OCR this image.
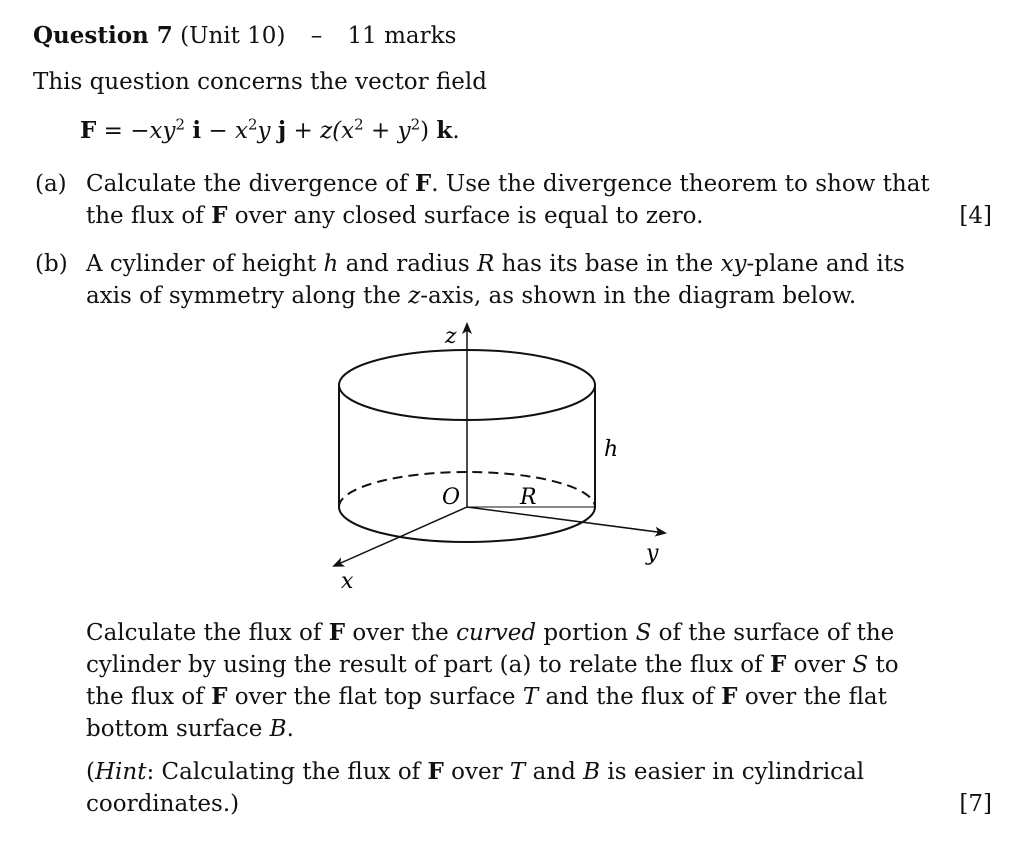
Question 7 (Unit 10) – 11 marks
This question concerns the vector field
$F = -xy^2$ $i - x^2y$ $j + z(x^2 + y^2)$ k.
(a) Calculate the divergence of F. Use the divergence theorem to show that
the flux of F over any closed surface is equal to zero.	[4]
(b) A cylinder of height h and radius R has its base in the xy-plane and its
axis of symmetry along the z-axis, as shown in the diagram below.
z
h
O	R
y
x
Calculate the flux of F over the curved portion S of the surface of the
cylinder by using the result of part (a) to relate the flux of F over S to
the flux of F over the flat top surface T and the flux of F over the flat
bottom surface B.
(Hint: Calculating the flux of F over T and B is easier in cylindrical
coordinates.)	[7]
